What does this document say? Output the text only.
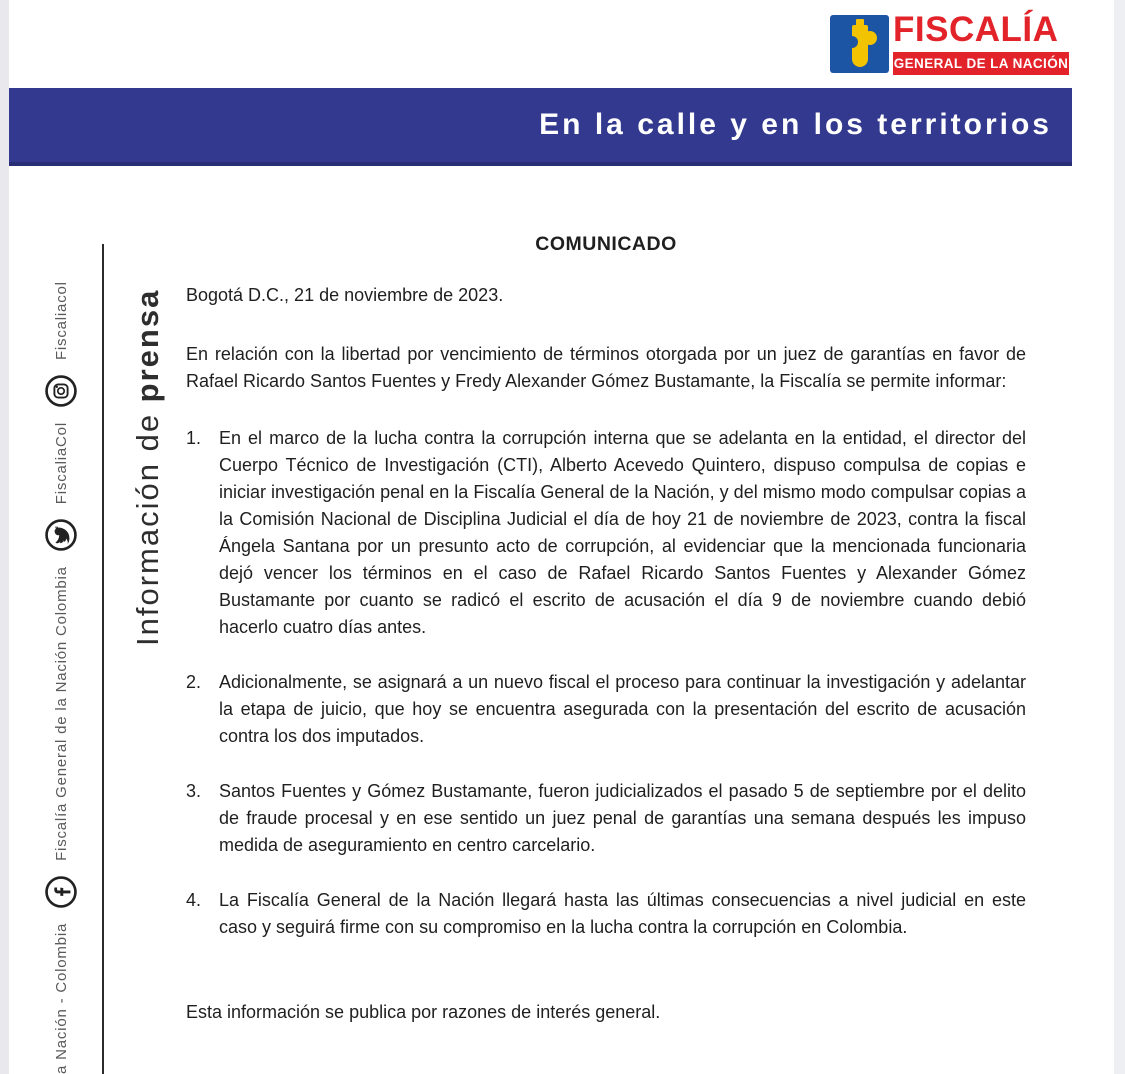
FISCALÍA
GENERAL DE LA NACIÓN
En la calle y en los territorios
a Nación - Colombia
Fiscalía General de la Nación Colombia
FiscaliaCol
Fiscaliacol
Información de prensa
COMUNICADO

Bogotá D.C., 21 de noviembre de 2023.

En relación con la libertad por vencimiento de términos otorgada por un juez de garantías en favor de Rafael Ricardo Santos Fuentes y Fredy Alexander Gómez Bustamante, la Fiscalía se permite informar:

1. En el marco de la lucha contra la corrupción interna que se adelanta en la entidad, el director del Cuerpo Técnico de Investigación (CTI), Alberto Acevedo Quintero, dispuso compulsa de copias e iniciar investigación penal en la Fiscalía General de la Nación, y del mismo modo compulsar copias a la Comisión Nacional de Disciplina Judicial el día de hoy 21 de noviembre de 2023, contra la fiscal Ángela Santana por un presunto acto de corrupción, al evidenciar que la mencionada funcionaria dejó vencer los términos en el caso de Rafael Ricardo Santos Fuentes y Alexander Gómez Bustamante por cuanto se radicó el escrito de acusación el día 9 de noviembre cuando debió hacerlo cuatro días antes.
2. Adicionalmente, se asignará a un nuevo fiscal el proceso para continuar la investigación y adelantar la etapa de juicio, que hoy se encuentra asegurada con la presentación del escrito de acusación contra los dos imputados.
3. Santos Fuentes y Gómez Bustamante, fueron judicializados el pasado 5 de septiembre por el delito de fraude procesal y en ese sentido un juez penal de garantías una semana después les impuso medida de aseguramiento en centro carcelario.
4. La Fiscalía General de la Nación llegará hasta las últimas consecuencias a nivel judicial en este caso y seguirá firme con su compromiso en la lucha contra la corrupción en Colombia.

Esta información se publica por razones de interés general.
